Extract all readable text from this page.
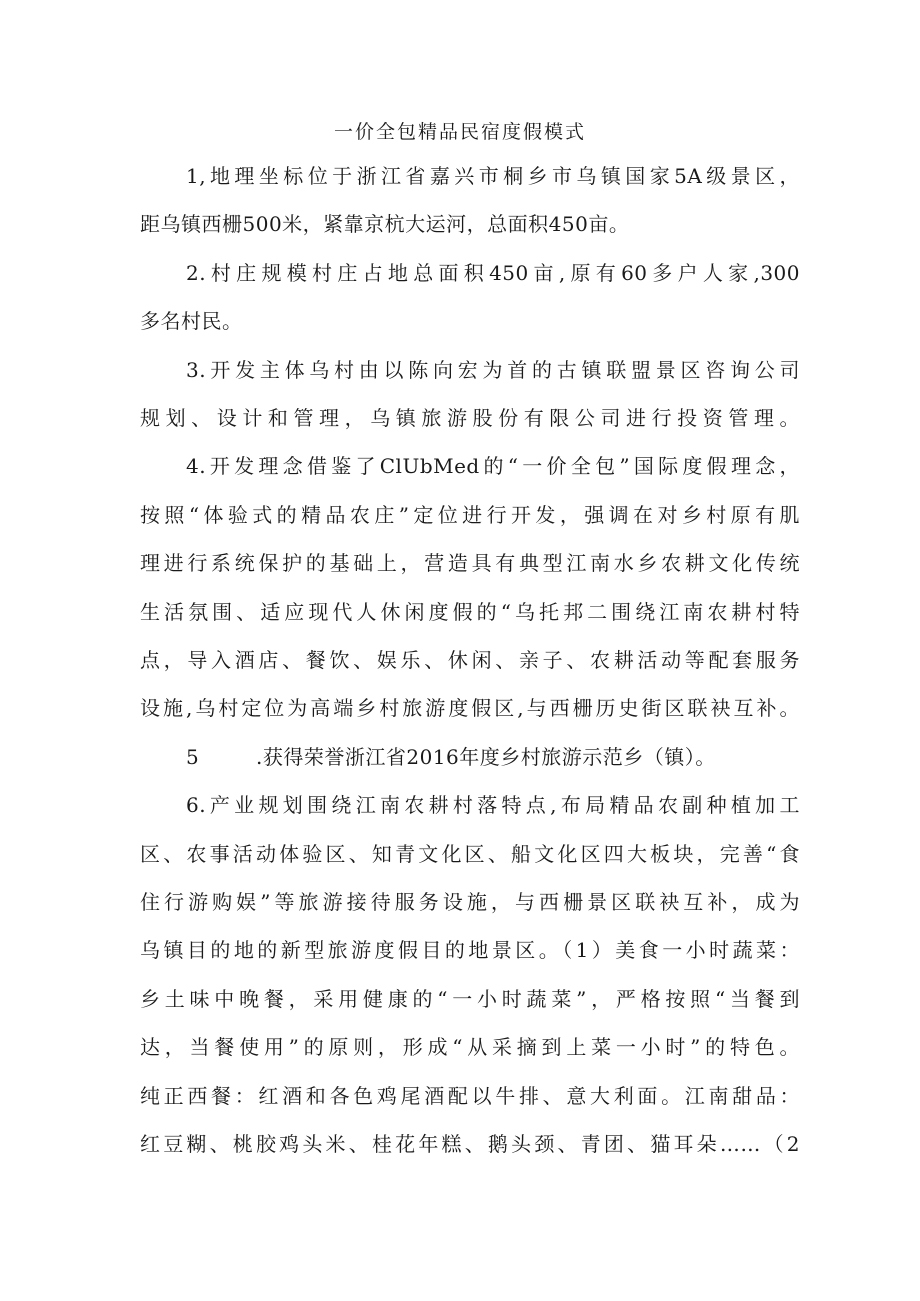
一价全包精品民宿度假模式
1,地理坐标位于浙江省嘉兴市桐乡市乌镇国家5A级景区，
距乌镇西栅500米，紧靠京杭大运河，总面积450亩。
2.村庄规模村庄占地总面积450亩,原有60多户人家,300
多名村民。
3.开发主体乌村由以陈向宏为首的古镇联盟景区咨询公司
规划、设计和管理，乌镇旅游股份有限公司进行投资管理。
4.开发理念借鉴了ClUbMed的“一价全包”国际度假理念，
按照“体验式的精品农庄”定位进行开发，强调在对乡村原有肌
理进行系统保护的基础上，营造具有典型江南水乡农耕文化传统
生活氛围、适应现代人休闲度假的“乌托邦二围绕江南农耕村特
点，导入酒店、餐饮、娱乐、休闲、亲子、农耕活动等配套服务
设施,乌村定位为高端乡村旅游度假区,与西栅历史街区联袂互补。
5	.获得荣誉浙江省2016年度乡村旅游示范乡（镇）。
6.产业规划围绕江南农耕村落特点,布局精品农副种植加工
区、农事活动体验区、知青文化区、船文化区四大板块，完善“食
住行游购娱”等旅游接待服务设施，与西栅景区联袂互补，成为
乌镇目的地的新型旅游度假目的地景区。（1）美食一小时蔬菜：
乡土味中晚餐，采用健康的“一小时蔬菜”，严格按照“当餐到
达，当餐使用”的原则，形成“从采摘到上菜一小时”的特色。
纯正西餐：红酒和各色鸡尾酒配以牛排、意大利面。江南甜品：
红豆糊、桃胶鸡头米、桂花年糕、鹅头颈、青团、猫耳朵……（2
